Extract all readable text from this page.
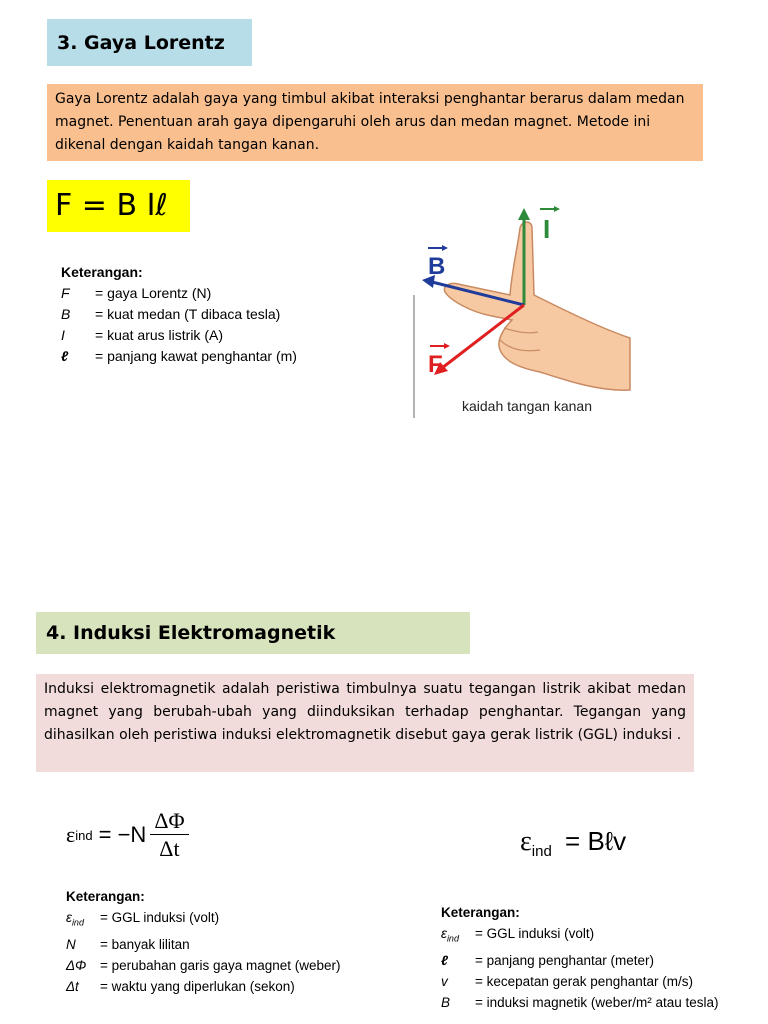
3. Gaya Lorentz
Gaya Lorentz adalah gaya yang timbul akibat interaksi penghantar berarus dalam medan magnet. Penentuan arah gaya dipengaruhi oleh arus dan medan magnet. Metode ini dikenal dengan kaidah tangan kanan.
F = B Iℓ
Keterangan:
F = gaya Lorentz (N)
B = kuat medan (T dibaca tesla)
I = kuat arus listrik (A)
ℓ = panjang kawat penghantar (m)
I
B
F
kaidah tangan kanan
4. Induksi Elektromagnetik
Induksi elektromagnetik adalah peristiwa timbulnya suatu tegangan listrik akibat medan magnet yang berubah-ubah yang diinduksikan terhadap penghantar. Tegangan yang dihasilkan oleh peristiwa induksi elektromagnetik disebut gaya gerak listrik (GGL) induksi .
ε ind = $-N \frac{\Delta\Phi}{\Delta t}$	$\varepsilon_{ind}$ = Bℓv
Keterangan:
$\varepsilon_{ind}$ = GGL induksi (volt)
N = banyak lilitan
ΔΦ = perubahan garis gaya magnet (weber)
Δt = waktu yang diperlukan (sekon)
Keterangan:
$\varepsilon_{ind}$ = GGL induksi (volt)
ℓ = panjang penghantar (meter)
v = kecepatan gerak penghantar (m/s)
B = induksi magnetik (weber/m² atau tesla)
